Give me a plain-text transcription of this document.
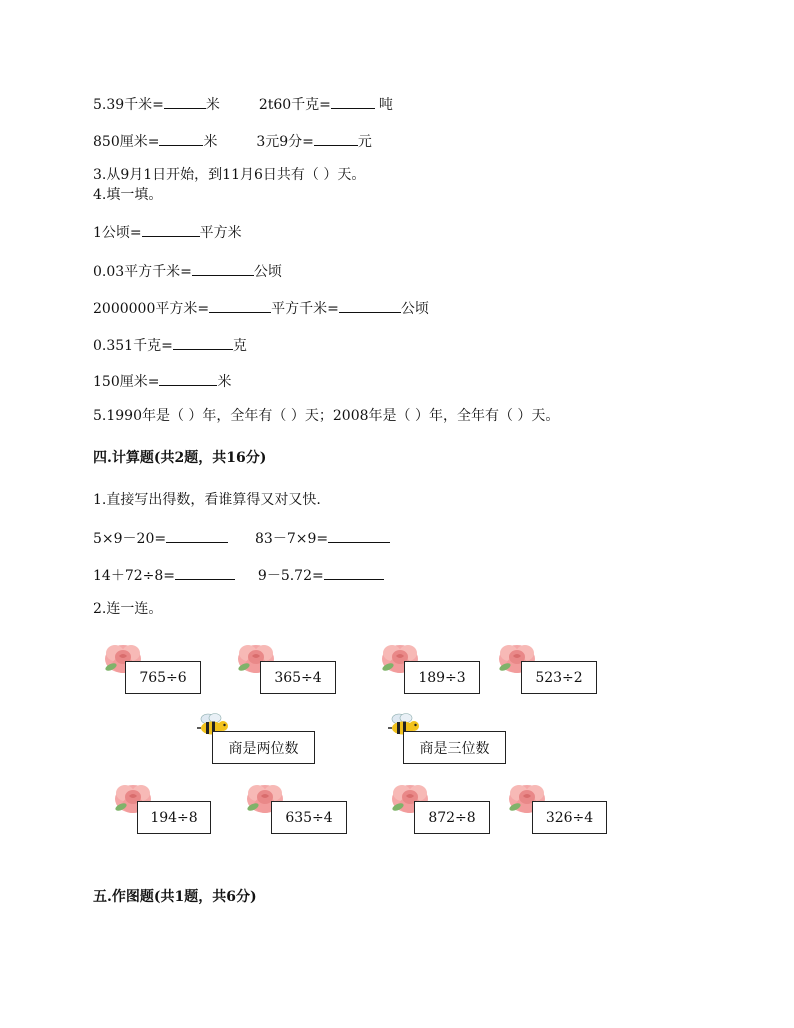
5.39千米=	米	2t60千克=	吨
850厘米=	米	3元9分=	元
3.从9月1日开始，到11月6日共有（ ）天。
4.填一填。
1公顷=	平方米
0.03平方千米=	公顷
2000000平方米=	平方千米=	公顷
0.351千克=	克
150厘米=	米
5.1990年是（ ）年，全年有（ ）天；2008年是（ ）年，全年有（ ）天。
四.计算题(共2题，共16分)
1.直接写出得数，看谁算得又对又快.
5×9－20=	83－7×9=
14＋72÷8=	9－5.72=
2.连一连。
765÷6	365÷4	189÷3	523÷2
商是两位数	商是三位数
194÷8	635÷4	872÷8	326÷4
五.作图题(共1题，共6分)
